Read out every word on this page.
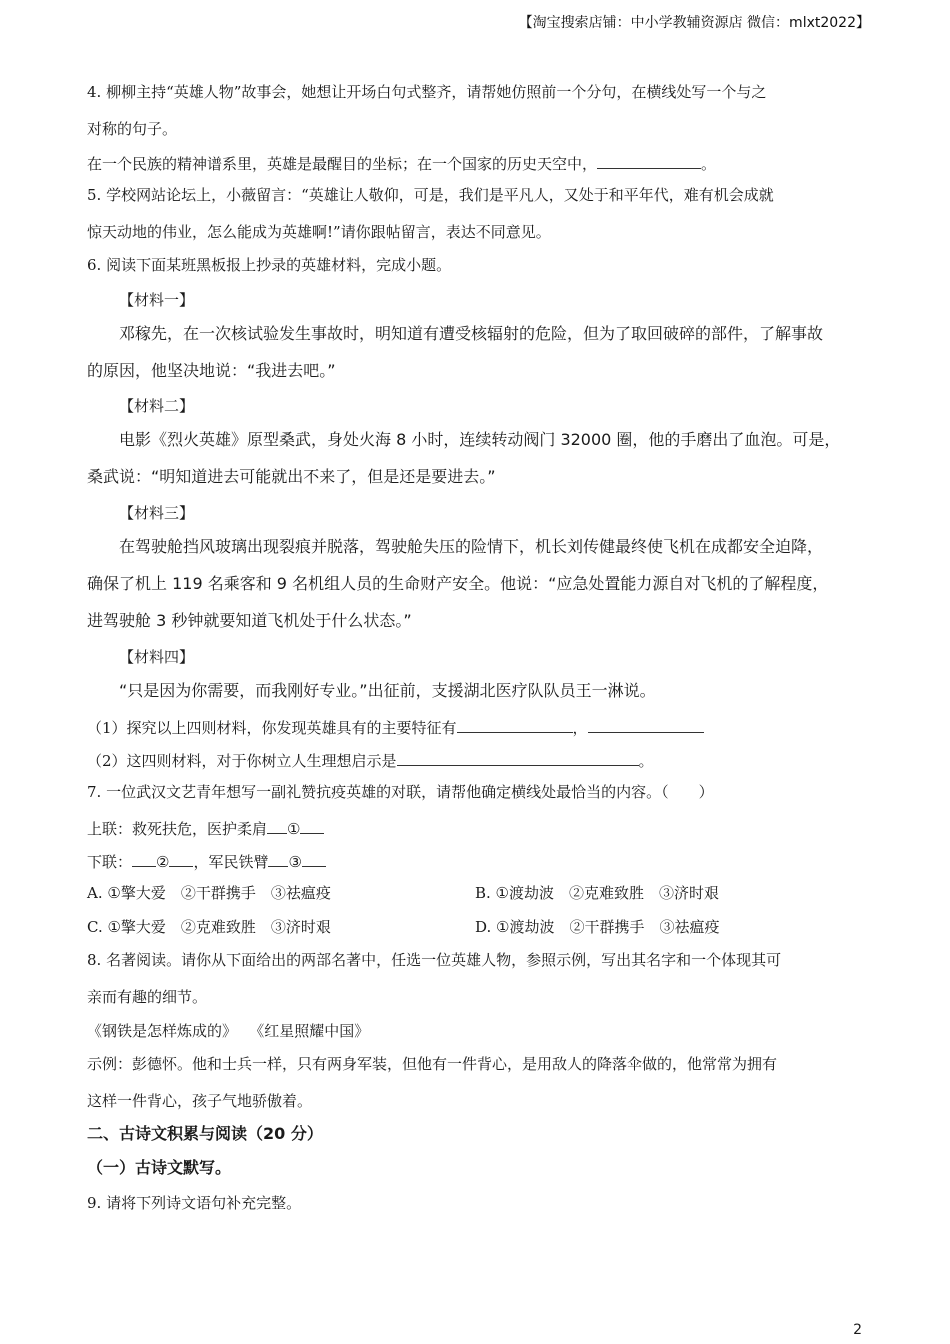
【淘宝搜索店铺：中小学教辅资源店 微信：mlxt2022】
4. 柳柳主持“英雄人物”故事会，她想让开场白句式整齐，请帮她仿照前一个分句，在横线处写一个与之
对称的句子。
在一个民族的精神谱系里，英雄是最醒目的坐标；在一个国家的历史天空中，	。
5. 学校网站论坛上，小薇留言：“英雄让人敬仰，可是，我们是平凡人，又处于和平年代，难有机会成就
惊天动地的伟业，怎么能成为英雄啊!”请你跟帖留言，表达不同意见。
6. 阅读下面某班黑板报上抄录的英雄材料，完成小题。
【材料一】
邓稼先，在一次核试验发生事故时，明知道有遭受核辐射的危险，但为了取回破碎的部件，了解事故
的原因，他坚决地说：“我进去吧。”
【材料二】
电影《烈火英雄》原型桑武，身处火海 8 小时，连续转动阀门 32000 圈，他的手磨出了血泡。可是，
桑武说：“明知道进去可能就出不来了，但是还是要进去。”
【材料三】
在驾驶舱挡风玻璃出现裂痕并脱落，驾驶舱失压的险情下，机长刘传健最终使飞机在成都安全迫降，
确保了机上 119 名乘客和 9 名机组人员的生命财产安全。他说：“应急处置能力源自对飞机的了解程度，
进驾驶舱 3 秒钟就要知道飞机处于什么状态。”
【材料四】
“只是因为你需要，而我刚好专业。”出征前，支援湖北医疗队队员王一淋说。
（1）探究以上四则材料，你发现英雄具有的主要特征有	，
（2）这四则材料，对于你树立人生理想启示是	。
7. 一位武汉文艺青年想写一副礼赞抗疫英雄的对联，请帮他确定横线处最恰当的内容。（　　）
上联：救死扶危，医护柔肩 ①
下联： ② ，军民铁臂 ③
A. ①擎大爱　②干群携手　③祛瘟疫	B. ①渡劫波　②克难致胜　③济时艰
C. ①擎大爱　②克难致胜　③济时艰	D. ①渡劫波　②干群携手　③祛瘟疫
8. 名著阅读。请你从下面给出的两部名著中，任选一位英雄人物，参照示例，写出其名字和一个体现其可
亲而有趣的细节。
《钢铁是怎样炼成的》　 《红星照耀中国》
示例：彭德怀。他和士兵一样，只有两身军装，但他有一件背心，是用敌人的降落伞做的，他常常为拥有
这样一件背心，孩子气地骄傲着。
二、古诗文积累与阅读（20 分）
（一）古诗文默写。
9. 请将下列诗文语句补充完整。
2
